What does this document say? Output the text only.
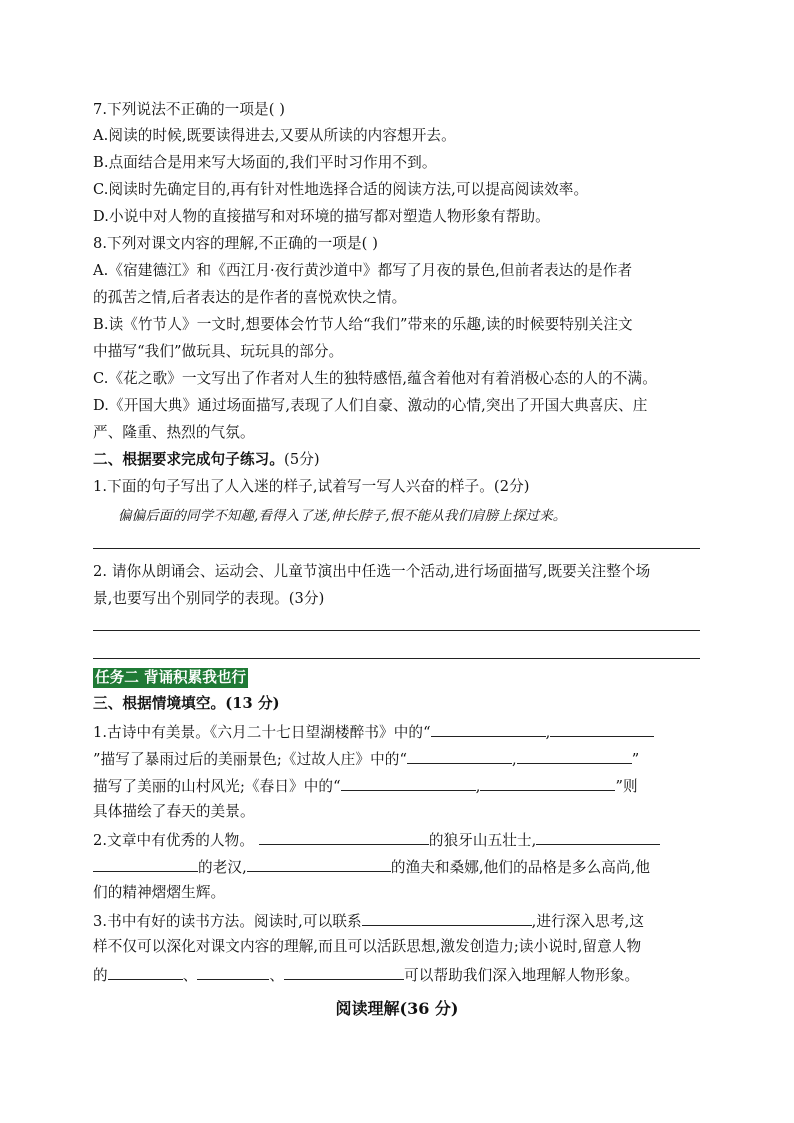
7.下列说法不正确的一项是( )
A.阅读的时候,既要读得进去,又要从所读的内容想开去。
B.点面结合是用来写大场面的,我们平时习作用不到。
C.阅读时先确定目的,再有针对性地选择合适的阅读方法,可以提高阅读效率。
D.小说中对人物的直接描写和对环境的描写都对塑造人物形象有帮助。
8.下列对课文内容的理解,不正确的一项是( )
A.《宿建德江》和《西江月·夜行黄沙道中》都写了月夜的景色,但前者表达的是作者
的孤苦之情,后者表达的是作者的喜悦欢快之情。
B.读《竹节人》一文时,想要体会竹节人给“我们”带来的乐趣,读的时候要特别关注文
中描写“我们”做玩具、玩玩具的部分。
C.《花之歌》一文写出了作者对人生的独特感悟,蕴含着他对有着消极心态的人的不满。
D.《开国大典》通过场面描写,表现了人们自豪、激动的心情,突出了开国大典喜庆、庄
严、隆重、热烈的气氛。
二、根据要求完成句子练习。(5分)
1.下面的句子写出了人入迷的样子,试着写一写人兴奋的样子。(2分)
偏偏后面的同学不知趣,看得入了迷,伸长脖子,恨不能从我们肩膀上探过来。
2. 请你从朗诵会、运动会、儿童节演出中任选一个活动,进行场面描写,既要关注整个场
景,也要写出个别同学的表现。(3分)
任务二 背诵积累我也行
三、根据情境填空。(13 分)
1.古诗中有美景。《六月二十七日望湖楼醉书》中的“	,
”描写了暴雨过后的美丽景色;《过故人庄》中的“	,	”
描写了美丽的山村风光;《春日》中的“	,	”则
具体描绘了春天的美景。
2.文章中有优秀的人物。	的狼牙山五壮士,
的老汉,	的渔夫和桑娜,他们的品格是多么高尚,他
们的精神熠熠生辉。
3.书中有好的读书方法。阅读时,可以联系	,进行深入思考,这
样不仅可以深化对课文内容的理解,而且可以活跃思想,激发创造力;读小说时,留意人物
的	、	、	可以帮助我们深入地理解人物形象。
阅读理解(36 分)
